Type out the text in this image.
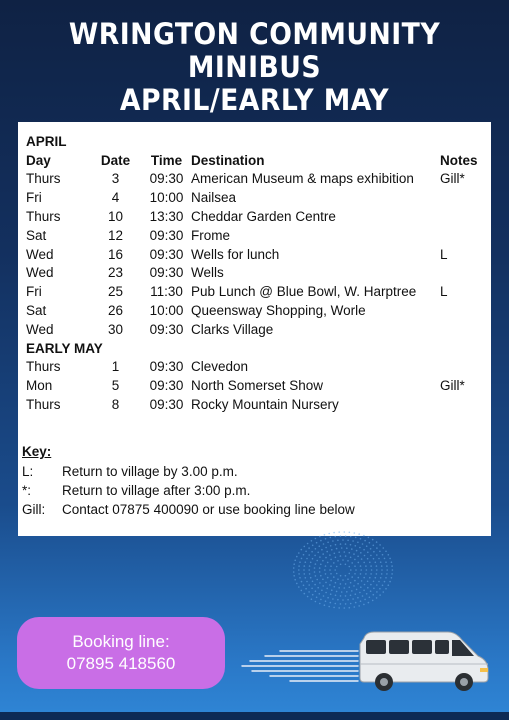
WRINGTON COMMUNITY MINIBUS
APRIL/EARLY MAY
APRIL				
Day	Date	Time	Destination	Notes
Thurs	3	09:30	American Museum & maps exhibition	Gill*
Fri	4	10:00	Nailsea	
Thurs	10	13:30	Cheddar Garden Centre	
Sat	12	09:30	Frome	
Wed	16	09:30	Wells for lunch	L
Wed	23	09:30	Wells	
Fri	25	11:30	Pub Lunch @ Blue Bowl, W. Harptree	L
Sat	26	10:00	Queensway Shopping, Worle	
Wed	30	09:30	Clarks Village	
EARLY MAY				
Thurs	1	09:30	Clevedon	
Mon	5	09:30	North Somerset Show	Gill*
Thurs	8	09:30	Rocky Mountain Nursery	
Key:
L:	Return to village by 3.00 p.m.
*:	Return to village after 3:00 p.m.
Gill:	Contact 07875 400090 or use booking line below
Booking line:
07895 418560
